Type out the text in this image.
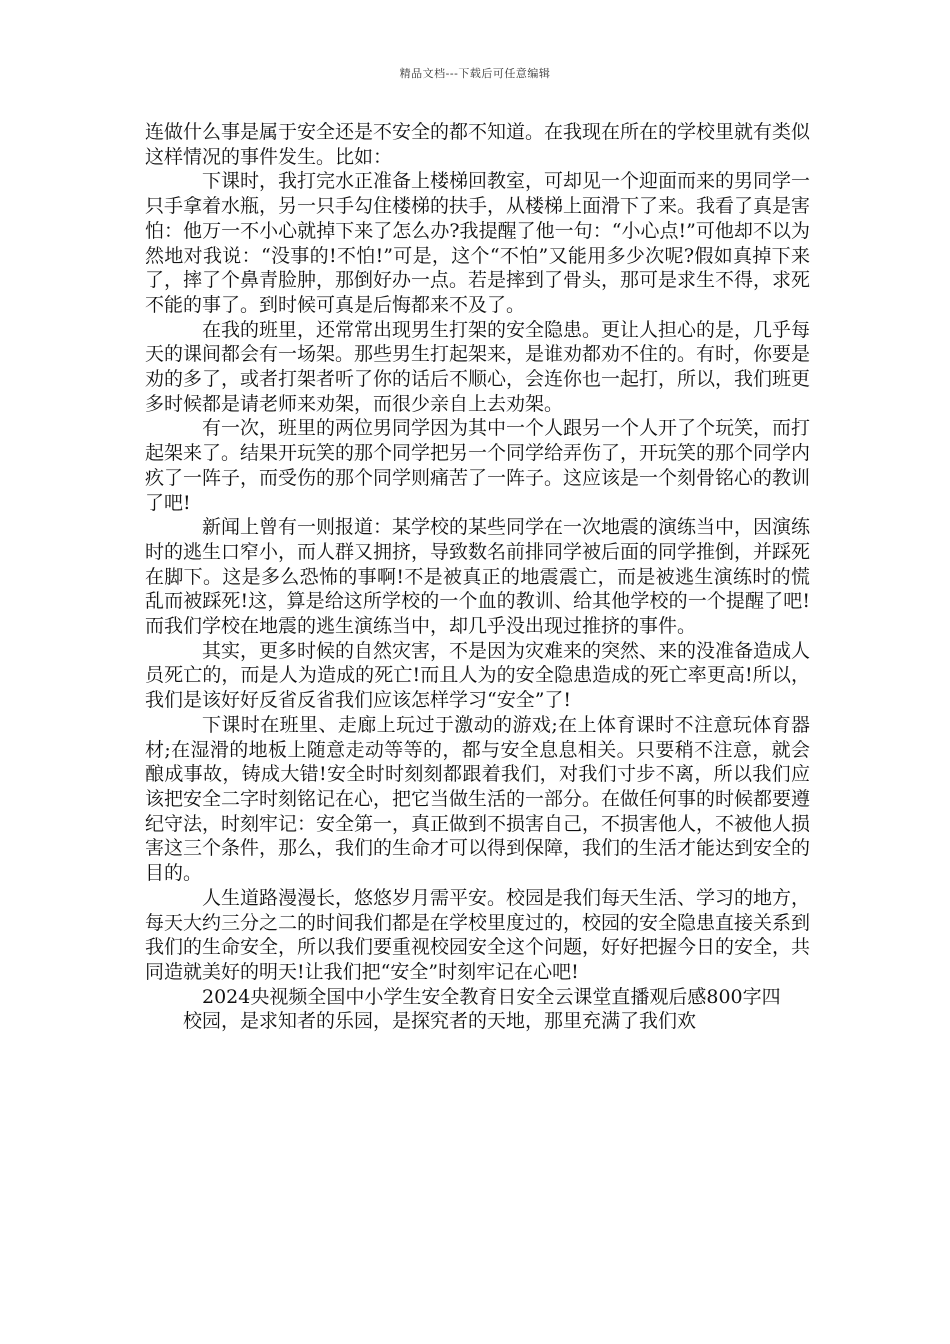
精品文档---下载后可任意编辑

连做什么事是属于安全还是不安全的都不知道。在我现在所在的学校里就有类似这样情况的事件发生。比如：

下课时，我打完水正准备上楼梯回教室，可却见一个迎面而来的男同学一只手拿着水瓶，另一只手勾住楼梯的扶手，从楼梯上面滑下了来。我看了真是害怕：他万一不小心就掉下来了怎么办?我提醒了他一句：“小心点!”可他却不以为然地对我说：“没事的!不怕!”可是，这个“不怕”又能用多少次呢?假如真掉下来了，摔了个鼻青脸肿，那倒好办一点。若是摔到了骨头，那可是求生不得，求死不能的事了。到时候可真是后悔都来不及了。

在我的班里，还常常出现男生打架的安全隐患。更让人担心的是，几乎每天的课间都会有一场架。那些男生打起架来，是谁劝都劝不住的。有时，你要是劝的多了，或者打架者听了你的话后不顺心，会连你也一起打，所以，我们班更多时候都是请老师来劝架，而很少亲自上去劝架。

有一次，班里的两位男同学因为其中一个人跟另一个人开了个玩笑，而打起架来了。结果开玩笑的那个同学把另一个同学给弄伤了，开玩笑的那个同学内疚了一阵子，而受伤的那个同学则痛苦了一阵子。这应该是一个刻骨铭心的教训了吧!

新闻上曾有一则报道：某学校的某些同学在一次地震的演练当中，因演练时的逃生口窄小，而人群又拥挤，导致数名前排同学被后面的同学推倒，并踩死在脚下。这是多么恐怖的事啊!不是被真正的地震震亡，而是被逃生演练时的慌乱而被踩死!这，算是给这所学校的一个血的教训、给其他学校的一个提醒了吧!而我们学校在地震的逃生演练当中，却几乎没出现过推挤的事件。

其实，更多时候的自然灾害，不是因为灾难来的突然、来的没准备造成人员死亡的，而是人为造成的死亡!而且人为的安全隐患造成的死亡率更高!所以，我们是该好好反省反省我们应该怎样学习“安全”了!

下课时在班里、走廊上玩过于激动的游戏;在上体育课时不注意玩体育器材;在湿滑的地板上随意走动等等的，都与安全息息相关。只要稍不注意，就会酿成事故，铸成大错!安全时时刻刻都跟着我们，对我们寸步不离，所以我们应该把安全二字时刻铭记在心，把它当做生活的一部分。在做任何事的时候都要遵纪守法，时刻牢记：安全第一，真正做到不损害自己，不损害他人，不被他人损害这三个条件，那么，我们的生命才可以得到保障，我们的生活才能达到安全的目的。

人生道路漫漫长，悠悠岁月需平安。校园是我们每天生活、学习的地方，每天大约三分之二的时间我们都是在学校里度过的，校园的安全隐患直接关系到我们的生命安全，所以我们要重视校园安全这个问题，好好把握今日的安全，共同造就美好的明天!让我们把“安全”时刻牢记在心吧!

2024央视频全国中小学生安全教育日安全云课堂直播观后感800字四

校园，是求知者的乐园，是探究者的天地，那里充满了我们欢
